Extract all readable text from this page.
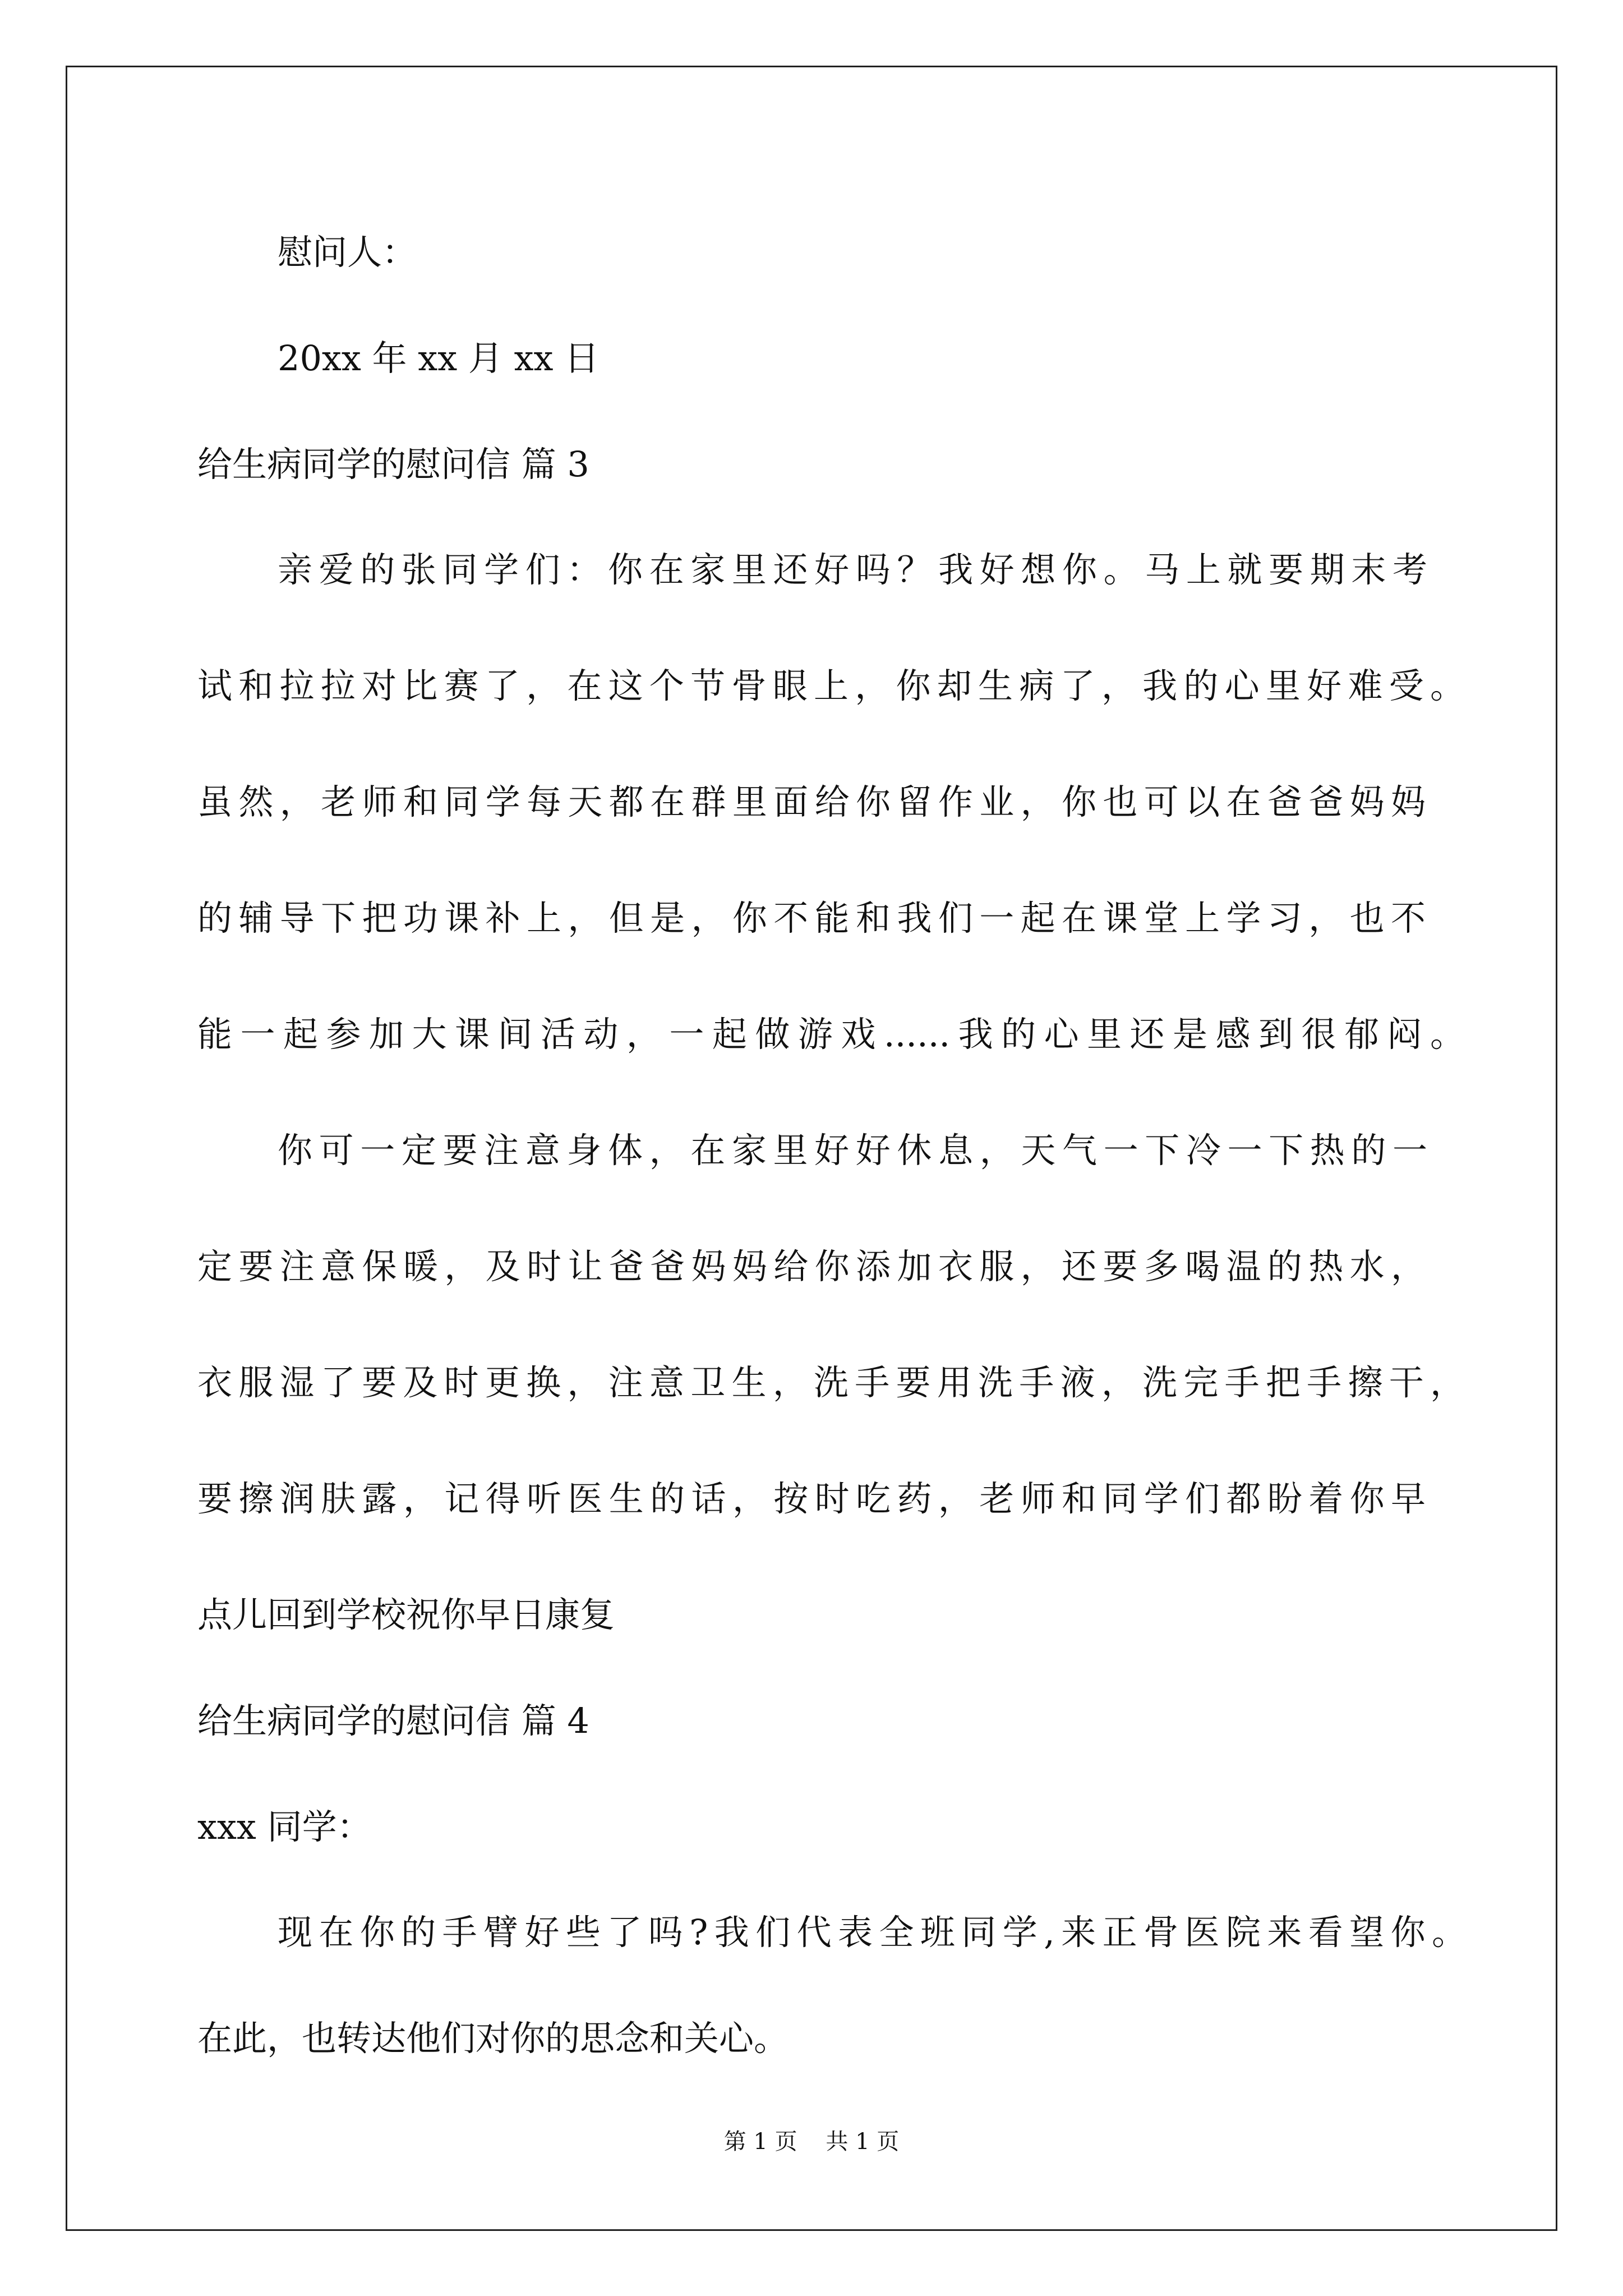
慰问人：
20xx 年 xx 月 xx 日
给生病同学的慰问信 篇 3
亲爱的张同学们：你在家里还好吗？我好想你。马上就要期末考
试和拉拉对比赛了，在这个节骨眼上，你却生病了，我的心里好难受。
虽然，老师和同学每天都在群里面给你留作业，你也可以在爸爸妈妈
的辅导下把功课补上，但是，你不能和我们一起在课堂上学习，也不
能一起参加大课间活动，一起做游戏......我的心里还是感到很郁闷。
你可一定要注意身体，在家里好好休息，天气一下冷一下热的一
定要注意保暖，及时让爸爸妈妈给你添加衣服，还要多喝温的热水，
衣服湿了要及时更换，注意卫生，洗手要用洗手液，洗完手把手擦干，
要擦润肤露，记得听医生的话，按时吃药，老师和同学们都盼着你早
点儿回到学校祝你早日康复
给生病同学的慰问信 篇 4
xxx 同学：
现在你的手臂好些了吗?我们代表全班同学,来正骨医院来看望你。
在此，也转达他们对你的思念和关心。
第 1 页    共 1 页
